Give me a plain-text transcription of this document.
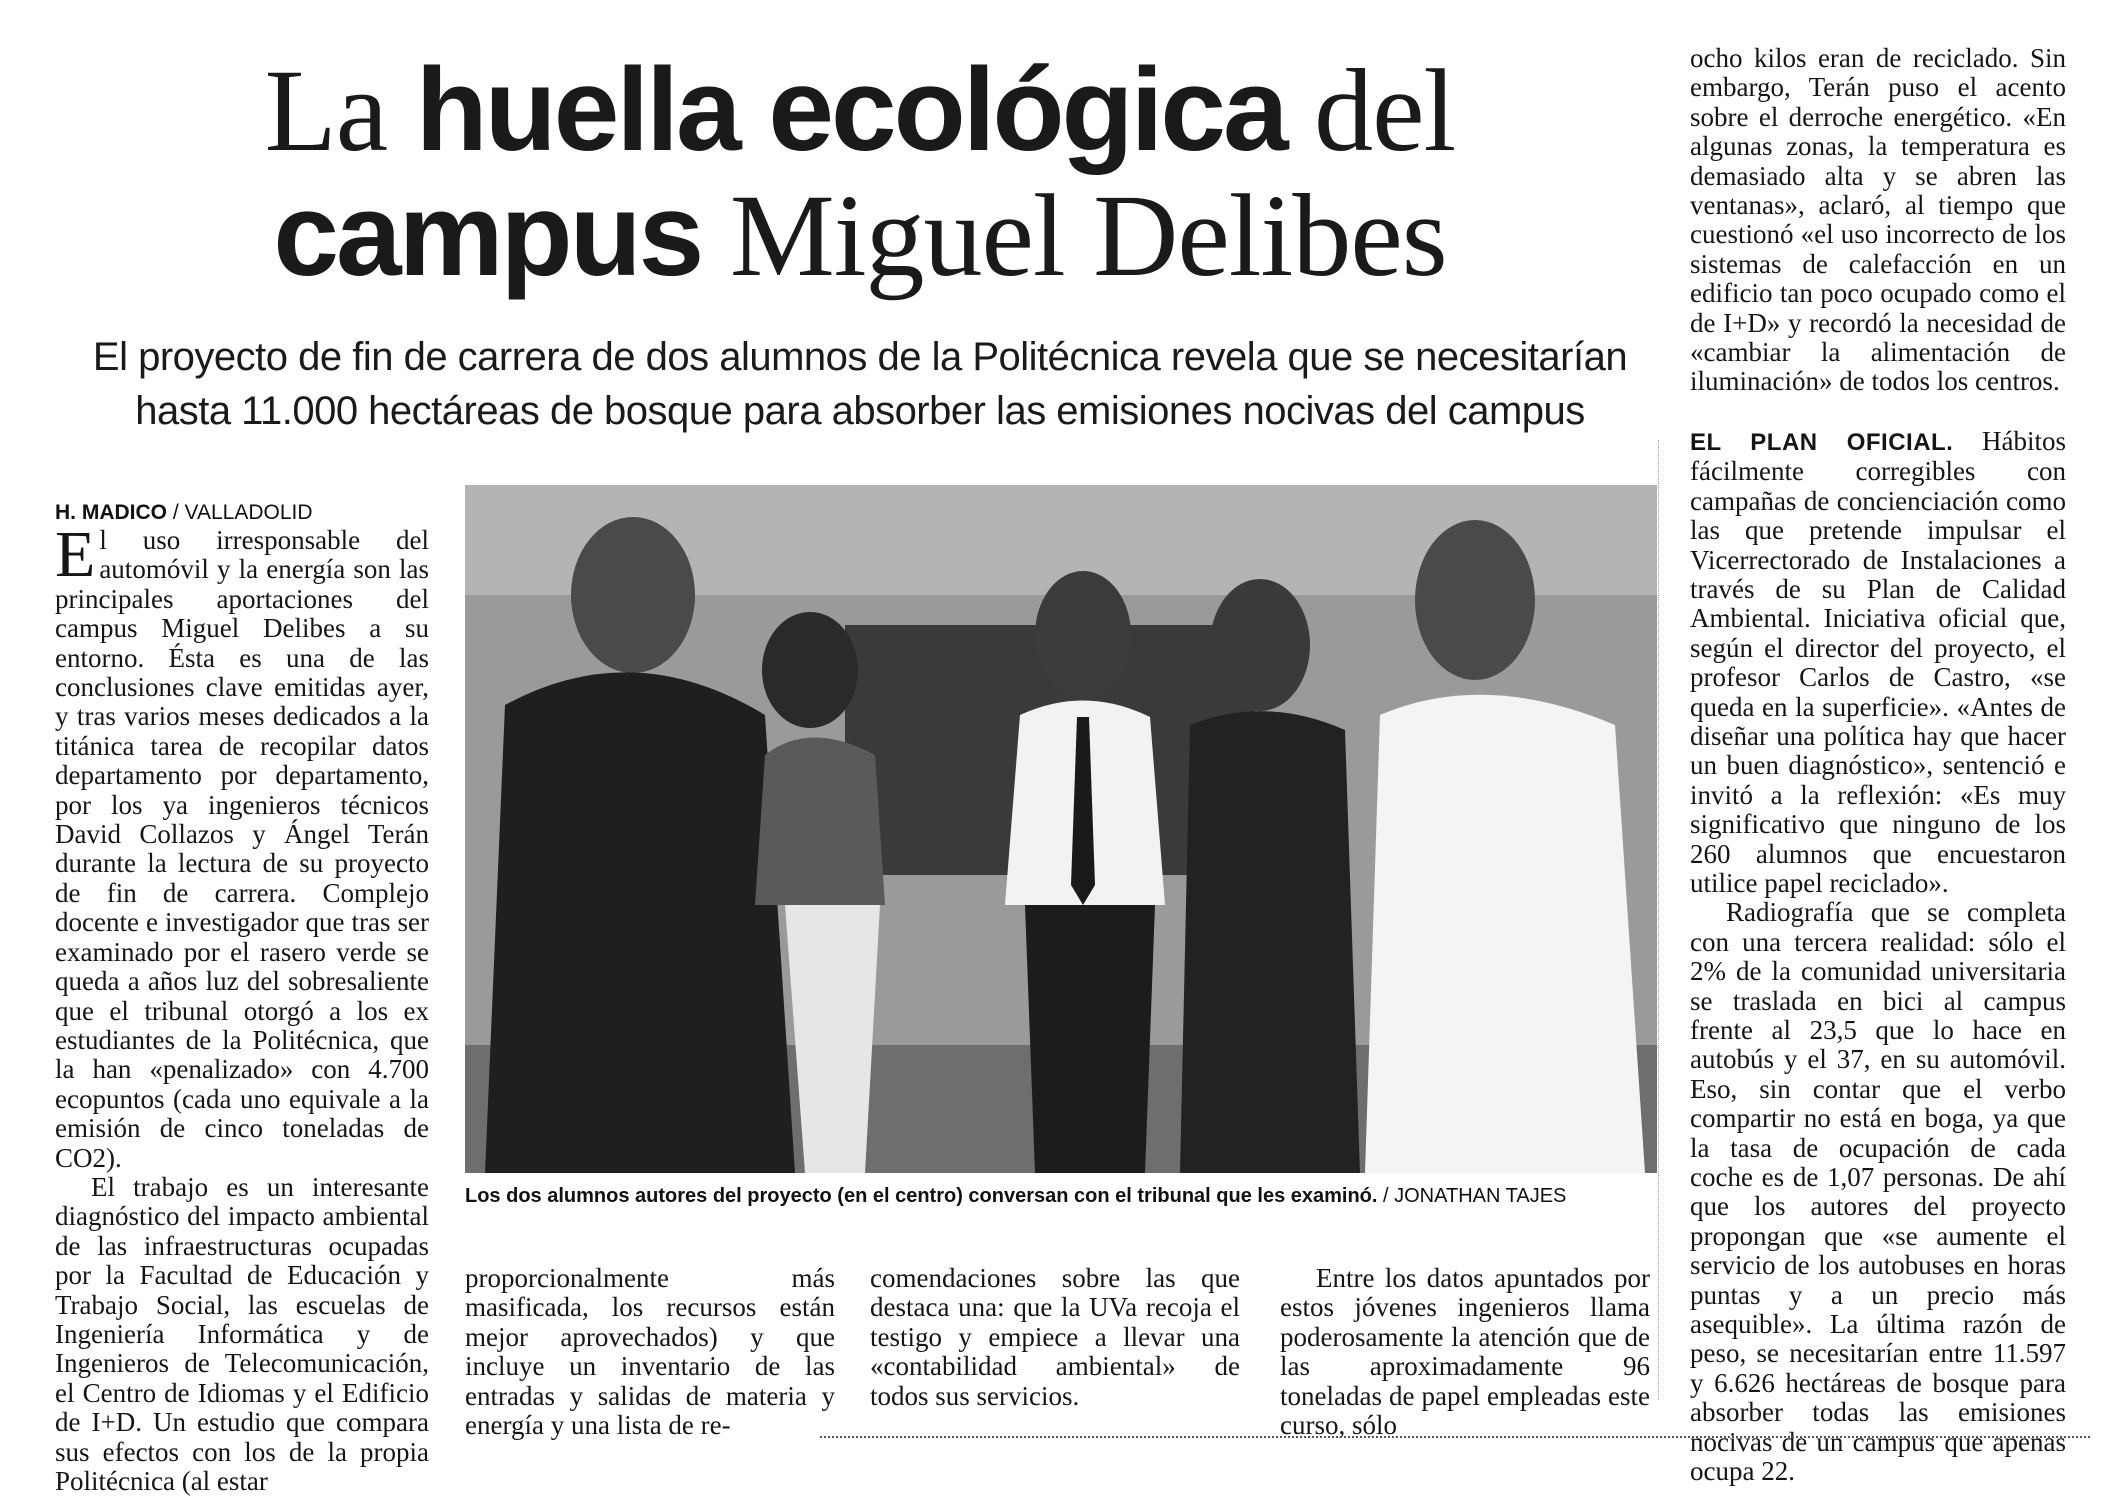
La huella ecológica del
campus Miguel Delibes
El proyecto de fin de carrera de dos alumnos de la Politécnica revela que se necesitarían
hasta 11.000 hectáreas de bosque para absorber las emisiones nocivas del campus
H. MADICO / VALLADOLID

El uso irresponsable del automóvil y la energía son las principales aportaciones del campus Miguel Delibes a su entorno. Ésta es una de las conclusiones clave emitidas ayer, y tras varios meses dedicados a la titánica tarea de recopilar datos departamento por departamento, por los ya ingenieros técnicos David Collazos y Ángel Terán durante la lectura de su proyecto de fin de carrera. Complejo docente e investigador que tras ser examinado por el rasero verde se queda a años luz del sobresaliente que el tribunal otorgó a los ex estudiantes de la Politécnica, que la han «penalizado» con 4.700 ecopuntos (cada uno equivale a la emisión de cinco toneladas de CO2).

El trabajo es un interesante diagnóstico del impacto ambiental de las infraestructuras ocupadas por la Facultad de Educación y Trabajo Social, las escuelas de Ingeniería Informática y de Ingenieros de Telecomunicación, el Centro de Idiomas y el Edificio de I+D. Un estudio que compara sus efectos con los de la propia Politécnica (al estar

Los dos alumnos autores del proyecto (en el centro) conversan con el tribunal que les examinó. / JONATHAN TAJES

proporcionalmente más masificada, los recursos están mejor aprovechados) y que incluye un inventario de las entradas y salidas de materia y energía y una lista de re-

comendaciones sobre las que destaca una: que la UVa recoja el testigo y empiece a llevar una «contabilidad ambiental» de todos sus servicios.

Entre los datos apuntados por estos jóvenes ingenieros llama poderosamente la atención que de las aproximadamente 96 toneladas de papel empleadas este curso, sólo

ocho kilos eran de reciclado. Sin embargo, Terán puso el acento sobre el derroche energético. «En algunas zonas, la temperatura es demasiado alta y se abren las ventanas», aclaró, al tiempo que cuestionó «el uso incorrecto de los sistemas de calefacción en un edificio tan poco ocupado como el de I+D» y recordó la necesidad de «cambiar la alimentación de iluminación» de todos los centros.

EL PLAN OFICIAL. Hábitos fácilmente corregibles con campañas de concienciación como las que pretende impulsar el Vicerrectorado de Instalaciones a través de su Plan de Calidad Ambiental. Iniciativa oficial que, según el director del proyecto, el profesor Carlos de Castro, «se queda en la superficie». «Antes de diseñar una política hay que hacer un buen diagnóstico», sentenció e invitó a la reflexión: «Es muy significativo que ninguno de los 260 alumnos que encuestaron utilice papel reciclado».

Radiografía que se completa con una tercera realidad: sólo el 2% de la comunidad universitaria se traslada en bici al campus frente al 23,5 que lo hace en autobús y el 37, en su automóvil. Eso, sin contar que el verbo compartir no está en boga, ya que la tasa de ocupación de cada coche es de 1,07 personas. De ahí que los autores del proyecto propongan que «se aumente el servicio de los autobuses en horas puntas y a un precio más asequible». La última razón de peso, se necesitarían entre 11.597 y 6.626 hectáreas de bosque para absorber todas las emisiones nocivas de un campus que apenas ocupa 22.
